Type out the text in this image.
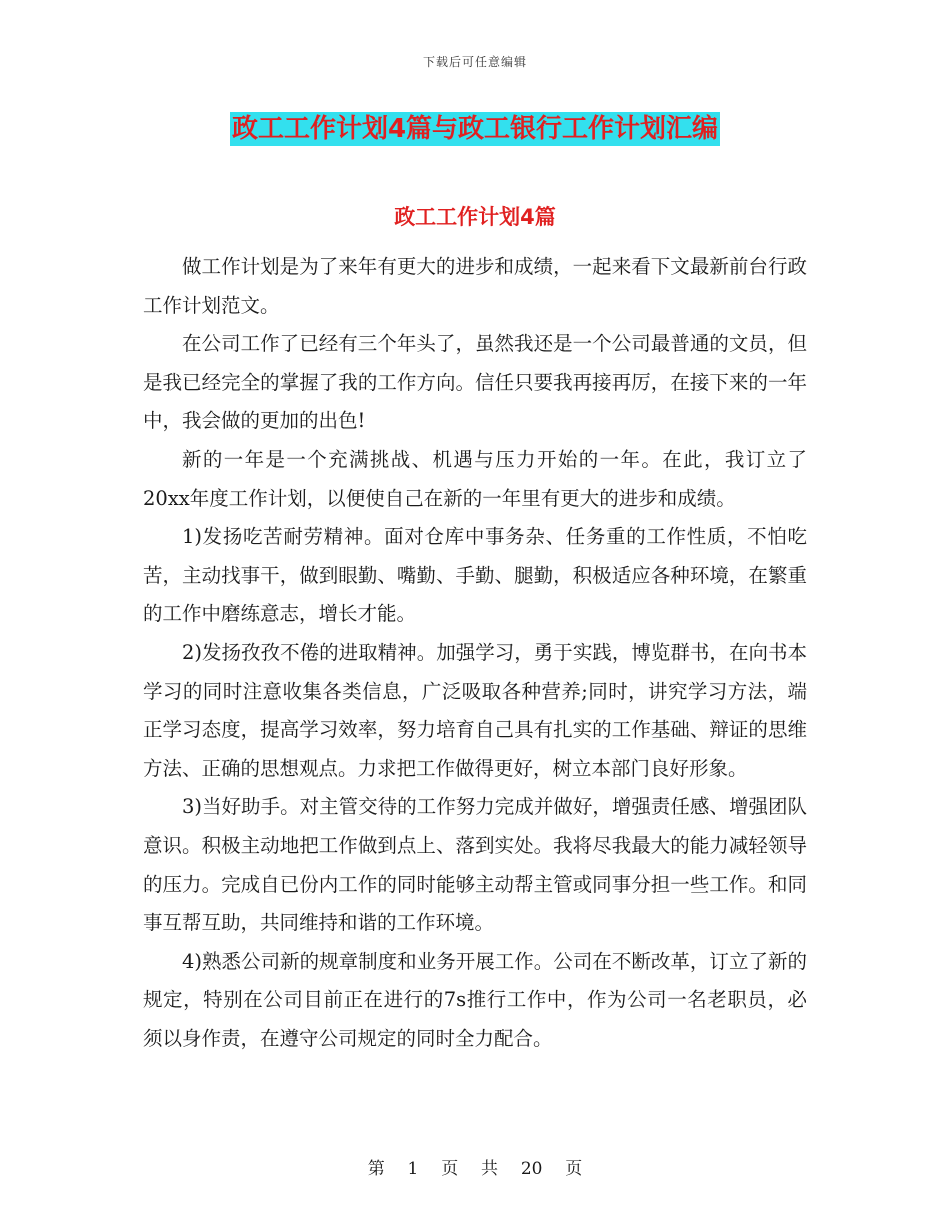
下载后可任意编辑
政工工作计划4篇与政工银行工作计划汇编
政工工作计划4篇

做工作计划是为了来年有更大的进步和成绩，一起来看下文最新前台行政工作计划范文。

在公司工作了已经有三个年头了，虽然我还是一个公司最普通的文员，但是我已经完全的掌握了我的工作方向。信任只要我再接再厉，在接下来的一年中，我会做的更加的出色!

新的一年是一个充满挑战、机遇与压力开始的一年。在此，我订立了20xx年度工作计划，以便使自己在新的一年里有更大的进步和成绩。

1)发扬吃苦耐劳精神。面对仓库中事务杂、任务重的工作性质，不怕吃苦，主动找事干，做到眼勤、嘴勤、手勤、腿勤，积极适应各种环境，在繁重的工作中磨练意志，增长才能。

2)发扬孜孜不倦的进取精神。加强学习，勇于实践，博览群书，在向书本学习的同时注意收集各类信息，广泛吸取各种营养;同时，讲究学习方法，端正学习态度，提高学习效率，努力培育自己具有扎实的工作基础、辩证的思维方法、正确的思想观点。力求把工作做得更好，树立本部门良好形象。

3)当好助手。对主管交待的工作努力完成并做好，增强责任感、增强团队意识。积极主动地把工作做到点上、落到实处。我将尽我最大的能力减轻领导的压力。完成自已份内工作的同时能够主动帮主管或同事分担一些工作。和同事互帮互助，共同维持和谐的工作环境。

4)熟悉公司新的规章制度和业务开展工作。公司在不断改革，订立了新的规定，特别在公司目前正在进行的7s推行工作中，作为公司一名老职员，必须以身作责，在遵守公司规定的同时全力配合。

第 1 页 共 20 页
